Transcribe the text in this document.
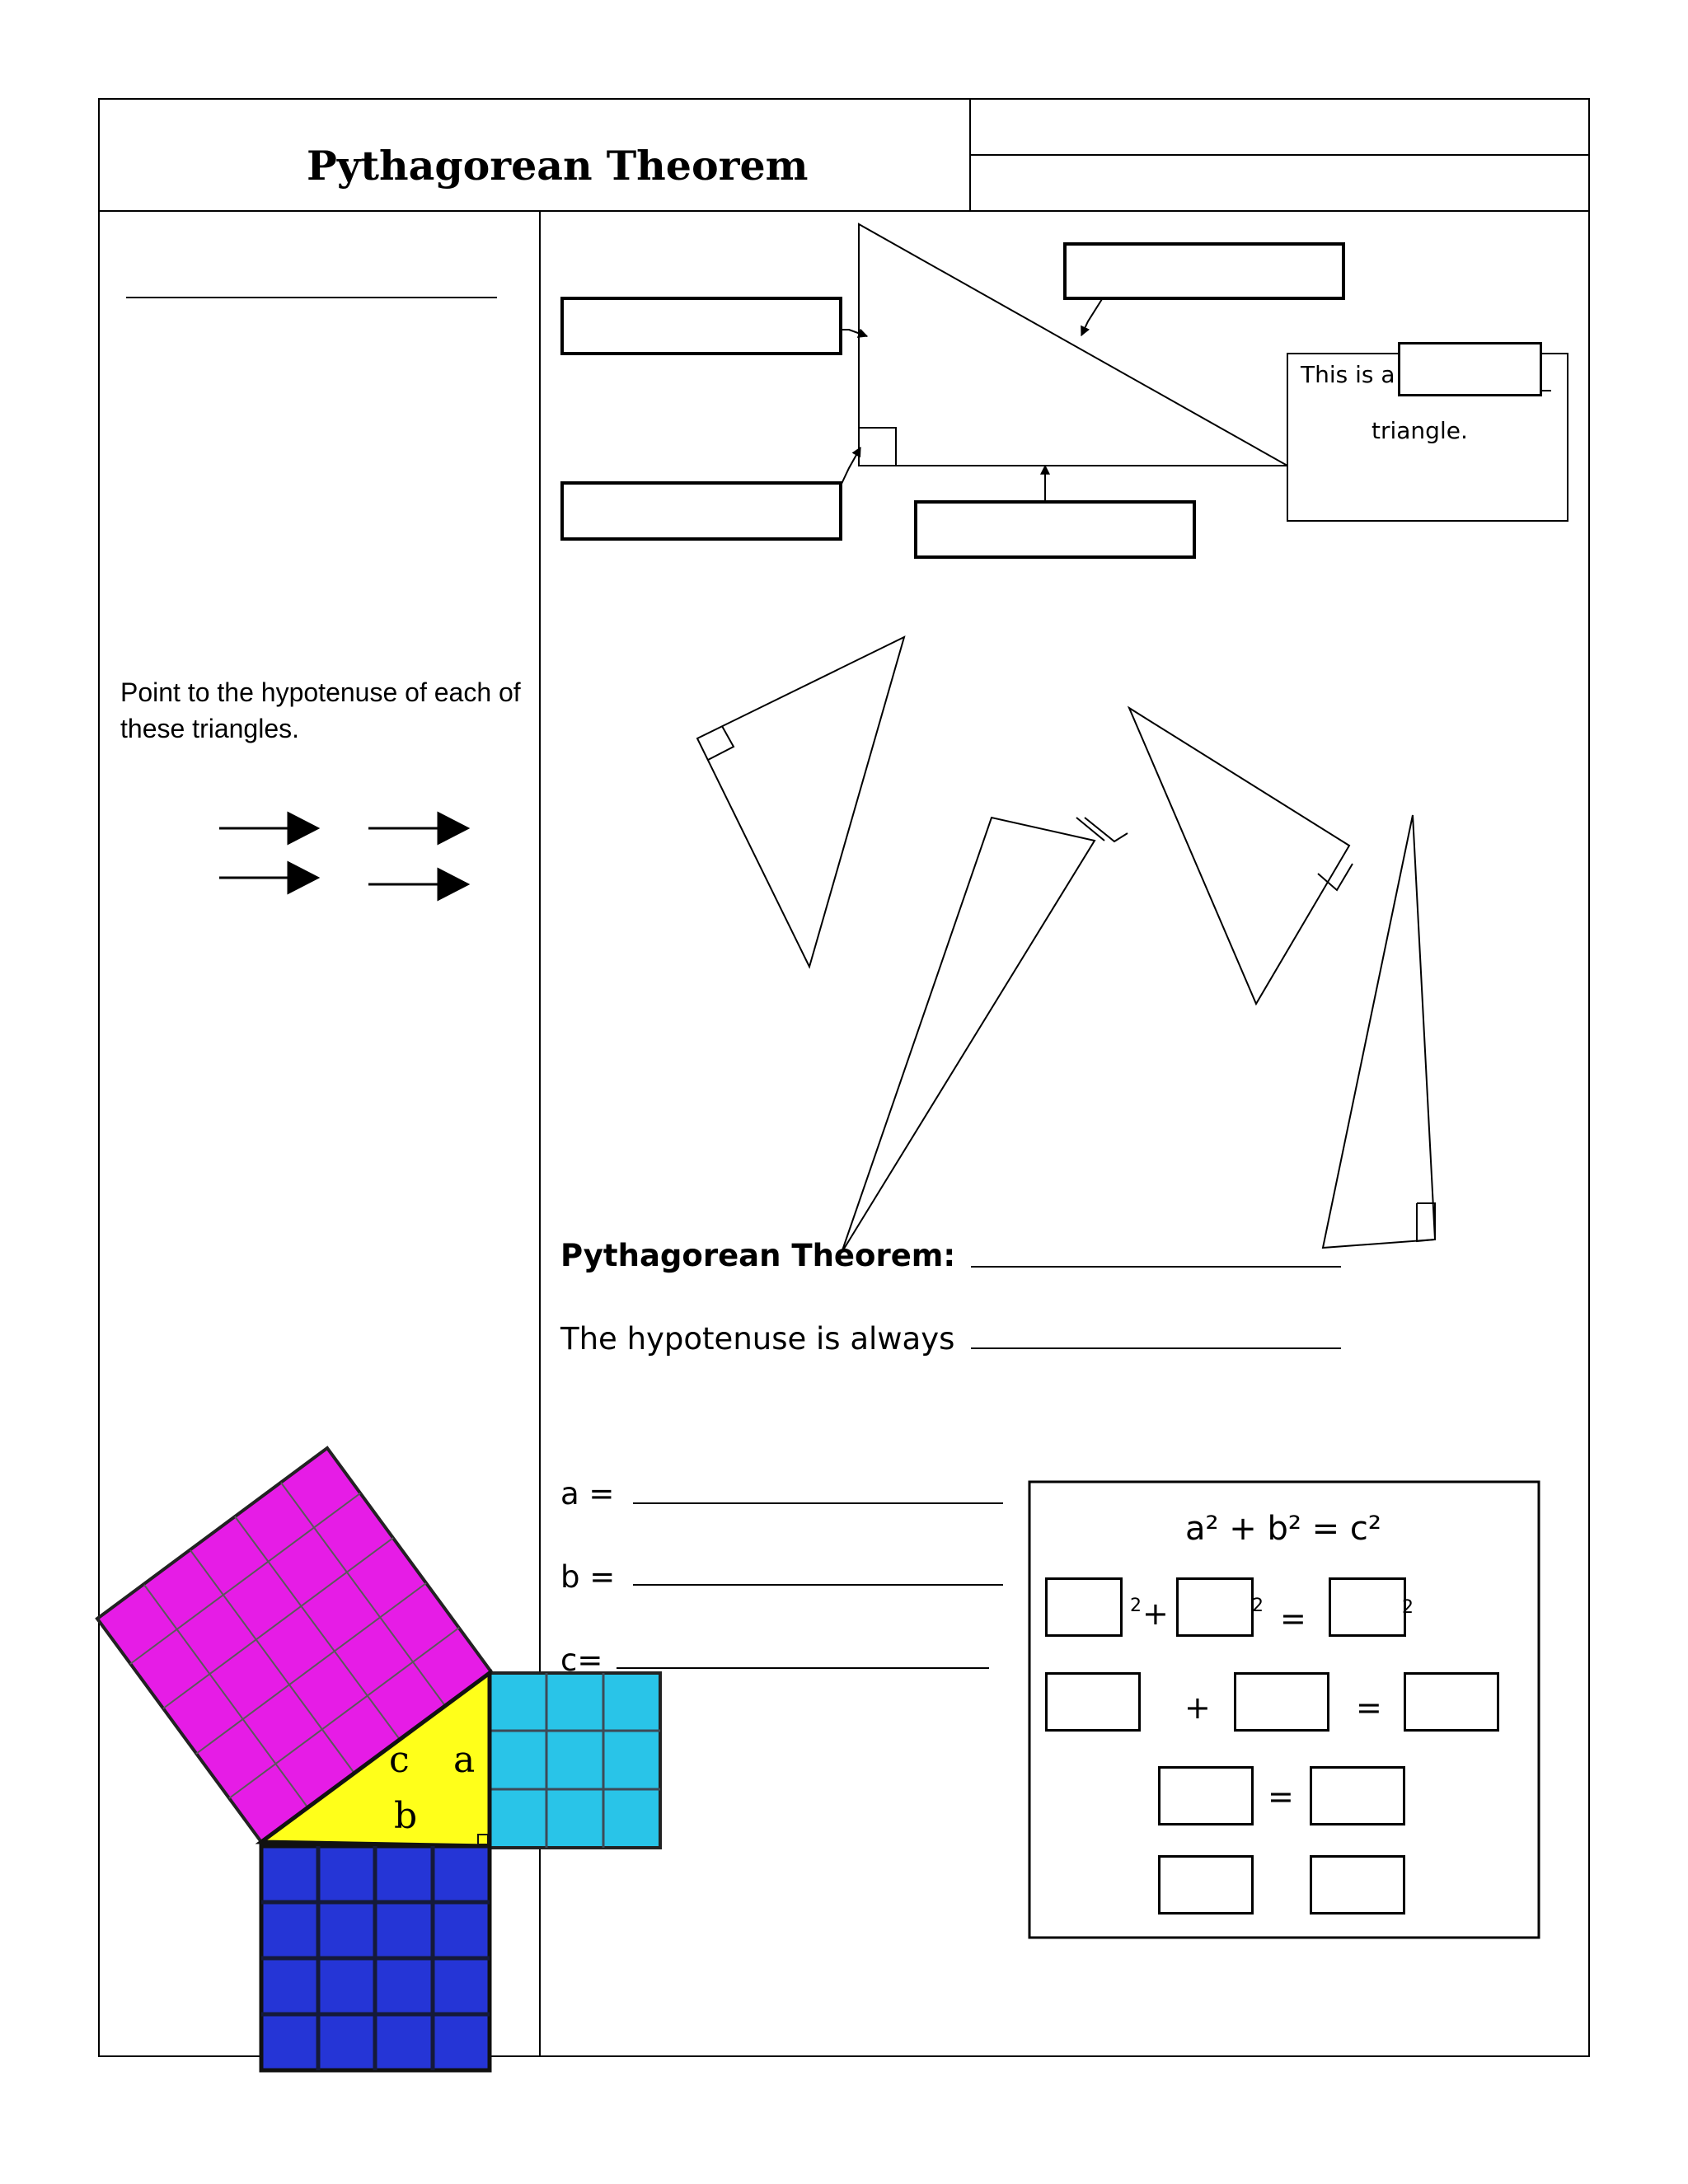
Pythagorean Theorem
Point to the hypotenuse of each of these triangles.
This is a
triangle.
Pythagorean Theorem:
The hypotenuse is always
a =
b =
c=
c a
b
a² + b² = c²
2 +	2 =	2
+	=
=
